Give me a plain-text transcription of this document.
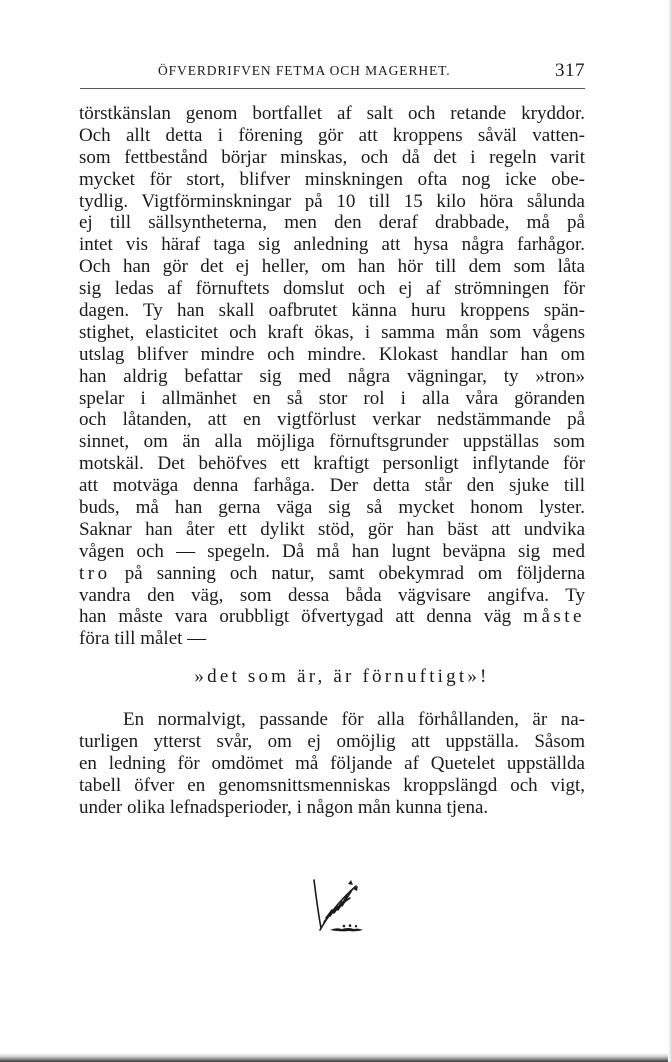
ÖFVERDRIFVEN FETMA OCH MAGERHET.	317
törstkänslan genom bortfallet af salt och retande kryddor.
Och allt detta i förening gör att kroppens såväl vatten-
som fettbestånd börjar minskas, och då det i regeln varit
mycket för stort, blifver minskningen ofta nog icke obe-
tydlig. Vigtförminskningar på 10 till 15 kilo höra sålunda
ej till sällsyntheterna, men den deraf drabbade, må på
intet vis häraf taga sig anledning att hysa några farhågor.
Och han gör det ej heller, om han hör till dem som låta
sig ledas af förnuftets domslut och ej af strömningen för
dagen. Ty han skall oafbrutet känna huru kroppens spän-
stighet, elasticitet och kraft ökas, i samma mån som vågens
utslag blifver mindre och mindre. Klokast handlar han om
han aldrig befattar sig med några vägningar, ty »tron»
spelar i allmänhet en så stor rol i alla våra göranden
och låtanden, att en vigtförlust verkar nedstämmande på
sinnet, om än alla möjliga förnuftsgrunder uppställas som
motskäl. Det behöfves ett kraftigt personligt inflytande för
att motväga denna farhåga. Der detta står den sjuke till
buds, må han gerna väga sig så mycket honom lyster.
Saknar han åter ett dylikt stöd, gör han bäst att undvika
vågen och — spegeln. Då må han lugnt beväpna sig med
tro på sanning och natur, samt obekymrad om följderna
vandra den väg, som dessa båda vägvisare angifva. Ty
han måste vara orubbligt öfvertygad att denna väg måste
föra till målet —
»det som är, är förnuftigt»!
En normalvigt, passande för alla förhållanden, är na-
turligen ytterst svår, om ej omöjlig att uppställa. Såsom
en ledning för omdömet må följande af Quetelet uppställda
tabell öfver en genomsnittsmenniskas kroppslängd och vigt,
under olika lefnadsperioder, i någon mån kunna tjena.
